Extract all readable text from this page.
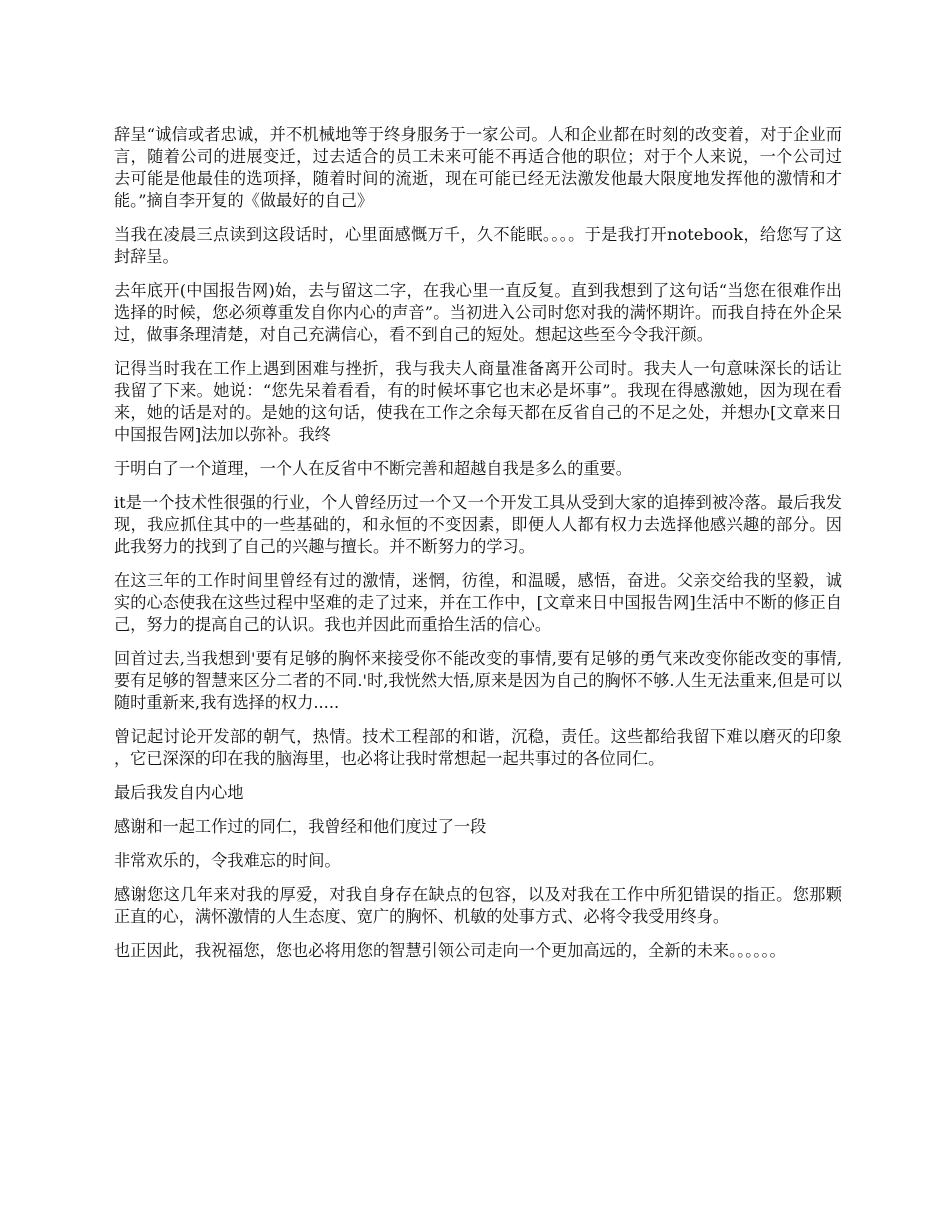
辞呈“诚信或者忠诚，并不机械地等于终身服务于一家公司。人和企业都在时刻的改变着，对于企业而言，随着公司的进展变迁，过去适合的员工未来可能不再适合他的职位；对于个人来说，一个公司过去可能是他最佳的选项择，随着时间的流逝，现在可能已经无法激发他最大限度地发挥他的激情和才能。”摘自李开复的《做最好的自己》

当我在凌晨三点读到这段话时，心里面感慨万千，久不能眠。。。。于是我打开notebook，给您写了这封辞呈。

去年底开(中国报告网)始，去与留这二字，在我心里一直反复。直到我想到了这句话“当您在很难作出选择的时候，您必须尊重发自你内心的声音”。当初进入公司时您对我的满怀期许。而我自持在外企呆过，做事条理清楚，对自己充满信心，看不到自己的短处。想起这些至今令我汗颜。

记得当时我在工作上遇到困难与挫折，我与我夫人商量准备离开公司时。我夫人一句意味深长的话让我留了下来。她说：“您先呆着看看，有的时候坏事它也末必是坏事”。我现在得感激她，因为现在看来，她的话是对的。是她的这句话，使我在工作之余每天都在反省自己的不足之处，并想办[文章来日中国报告网]法加以弥补。我终

于明白了一个道理，一个人在反省中不断完善和超越自我是多么的重要。

it是一个技术性很强的行业，个人曾经历过一个又一个开发工具从受到大家的追捧到被冷落。最后我发现，我应抓住其中的一些基础的，和永恒的不变因素，即便人人都有权力去选择他感兴趣的部分。因此我努力的找到了自己的兴趣与擅长。并不断努力的学习。

在这三年的工作时间里曾经有过的激情，迷惘，彷徨，和温暖，感悟，奋进。父亲交给我的坚毅，诚实的心态使我在这些过程中坚难的走了过来，并在工作中，[文章来日中国报告网]生活中不断的修正自己，努力的提高自己的认识。我也并因此而重拾生活的信心。

回首过去,当我想到'要有足够的胸怀来接受你不能改变的事情,要有足够的勇气来改变你能改变的事情,要有足够的智慧来区分二者的不同.'时,我恍然大悟,原来是因为自己的胸怀不够.人生无法重来,但是可以随时重新来,我有选择的权力.....

曾记起讨论开发部的朝气，热情。技术工程部的和谐，沉稳，责任。这些都给我留下难以磨灭的印象，它已深深的印在我的脑海里，也必将让我时常想起一起共事过的各位同仁。

最后我发自内心地

感谢和一起工作过的同仁，我曾经和他们度过了一段

非常欢乐的，令我难忘的时间。

感谢您这几年来对我的厚爱，对我自身存在缺点的包容，以及对我在工作中所犯错误的指正。您那颗正直的心，满怀激情的人生态度、宽广的胸怀、机敏的处事方式、必将令我受用终身。

也正因此，我祝福您，您也必将用您的智慧引领公司走向一个更加高远的，全新的未来。。。。。。
